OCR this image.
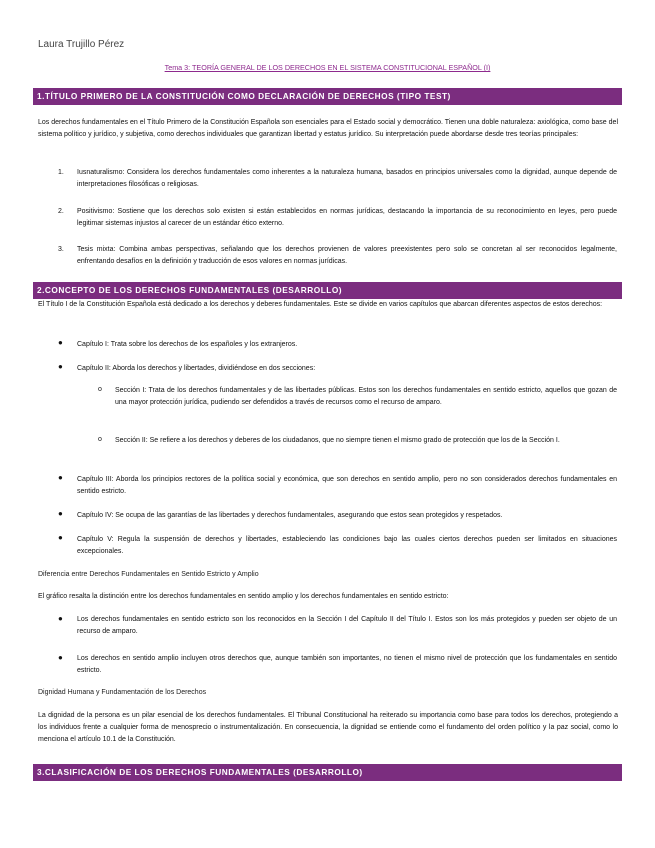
Laura Trujillo Pérez
Tema 3: TEORÍA GENERAL DE LOS DERECHOS EN EL SISTEMA CONSTITUCIONAL ESPAÑOL (I)
1.TÍTULO PRIMERO DE LA CONSTITUCIÓN COMO DECLARACIÓN DE DERECHOS (TIPO TEST)

Los derechos fundamentales en el Título Primero de la Constitución Española son esenciales para el Estado social y democrático. Tienen una doble naturaleza: axiológica, como base del sistema político y jurídico, y subjetiva, como derechos individuales que garantizan libertad y estatus jurídico. Su interpretación puede abordarse desde tres teorías principales:

1. Iusnaturalismo: Considera los derechos fundamentales como inherentes a la naturaleza humana, basados en principios universales como la dignidad, aunque depende de interpretaciones filosóficas o religiosas.
2. Positivismo: Sostiene que los derechos solo existen si están establecidos en normas jurídicas, destacando la importancia de su reconocimiento en leyes, pero puede legitimar sistemas injustos al carecer de un estándar ético externo.
3. Tesis mixta: Combina ambas perspectivas, señalando que los derechos provienen de valores preexistentes pero solo se concretan al ser reconocidos legalmente, enfrentando desafíos en la definición y traducción de esos valores en normas jurídicas.
2.CONCEPTO DE LOS DERECHOS FUNDAMENTALES (DESARROLLO)

El Título I de la Constitución Española está dedicado a los derechos y deberes fundamentales. Este se divide en varios capítulos que abarcan diferentes aspectos de estos derechos:

● Capítulo I: Trata sobre los derechos de los españoles y los extranjeros.
● Capítulo II: Aborda los derechos y libertades, dividiéndose en dos secciones:
o Sección I: Trata de los derechos fundamentales y de las libertades públicas. Estos son los derechos fundamentales en sentido estricto, aquellos que gozan de una mayor protección jurídica, pudiendo ser defendidos a través de recursos como el recurso de amparo.
o Sección II: Se refiere a los derechos y deberes de los ciudadanos, que no siempre tienen el mismo grado de protección que los de la Sección I.
● Capítulo III: Aborda los principios rectores de la política social y económica, que son derechos en sentido amplio, pero no son considerados derechos fundamentales en sentido estricto.
● Capítulo IV: Se ocupa de las garantías de las libertades y derechos fundamentales, asegurando que estos sean protegidos y respetados.
● Capítulo V: Regula la suspensión de derechos y libertades, estableciendo las condiciones bajo las cuales ciertos derechos pueden ser limitados en situaciones excepcionales.
Diferencia entre Derechos Fundamentales en Sentido Estricto y Amplio

El gráfico resalta la distinción entre los derechos fundamentales en sentido amplio y los derechos fundamentales en sentido estricto:

● Los derechos fundamentales en sentido estricto son los reconocidos en la Sección I del Capítulo II del Título I. Estos son los más protegidos y pueden ser objeto de un recurso de amparo.
● Los derechos en sentido amplio incluyen otros derechos que, aunque también son importantes, no tienen el mismo nivel de protección que los fundamentales en sentido estricto.
Dignidad Humana y Fundamentación de los Derechos

La dignidad de la persona es un pilar esencial de los derechos fundamentales. El Tribunal Constitucional ha reiterado su importancia como base para todos los derechos, protegiendo a los individuos frente a cualquier forma de menosprecio o instrumentalización. En consecuencia, la dignidad se entiende como el fundamento del orden político y la paz social, como lo menciona el artículo 10.1 de la Constitución.

3.CLASIFICACIÓN DE LOS DERECHOS FUNDAMENTALES (DESARROLLO)
